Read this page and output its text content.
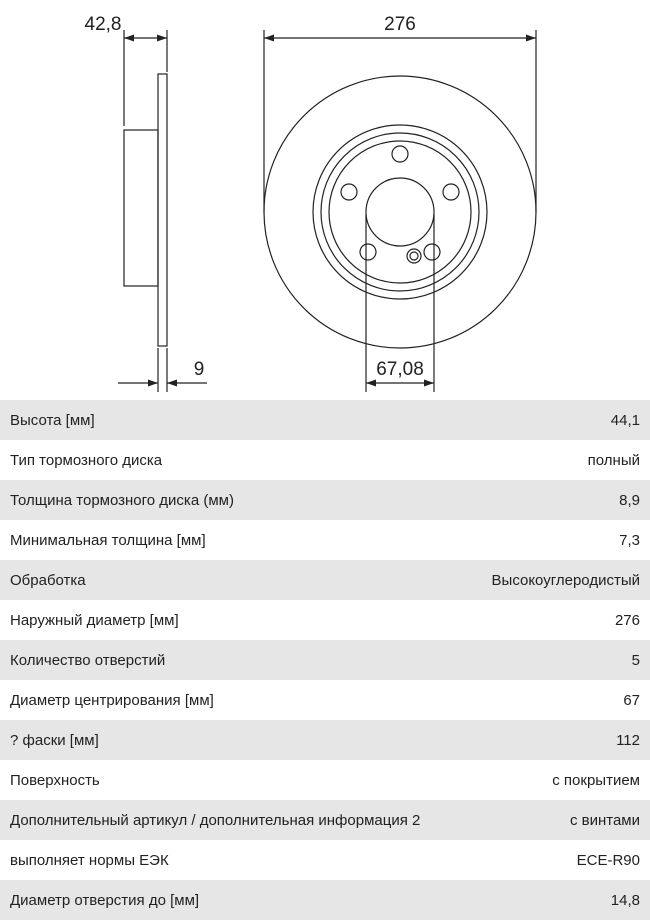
42,8
9
276
67,08
Высота [мм]	44,1
Тип тормозного диска	полный
Толщина тормозного диска (мм)	8,9
Минимальная толщина [мм]	7,3
Обработка	Высокоуглеродистый
Наружный диаметр [мм]	276
Количество отверстий	5
Диаметр центрирования [мм]	67
? фаски [мм]	112
Поверхность	с покрытием
Дополнительный артикул / дополнительная информация 2	с винтами
выполняет нормы ЕЭК	ECE-R90
Диаметр отверстия до [мм]	14,8
